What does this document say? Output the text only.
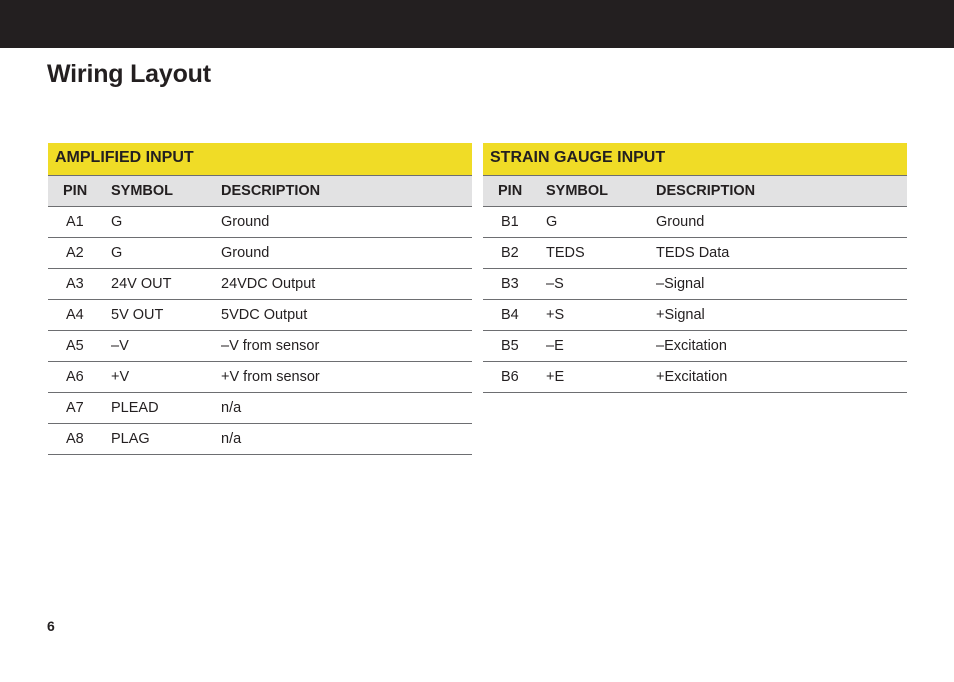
Wiring Layout
AMPLIFIED INPUT
PIN	SYMBOL	DESCRIPTION
A1	G	Ground
A2	G	Ground
A3	24V OUT	24VDC Output
A4	5V OUT	5VDC Output
A5	–V	–V from sensor
A6	+V	+V from sensor
A7	PLEAD	n/a
A8	PLAG	n/a
STRAIN GAUGE INPUT
PIN	SYMBOL	DESCRIPTION
B1	G	Ground
B2	TEDS	TEDS Data
B3	–S	–Signal
B4	+S	+Signal
B5	–E	–Excitation
B6	+E	+Excitation
6
